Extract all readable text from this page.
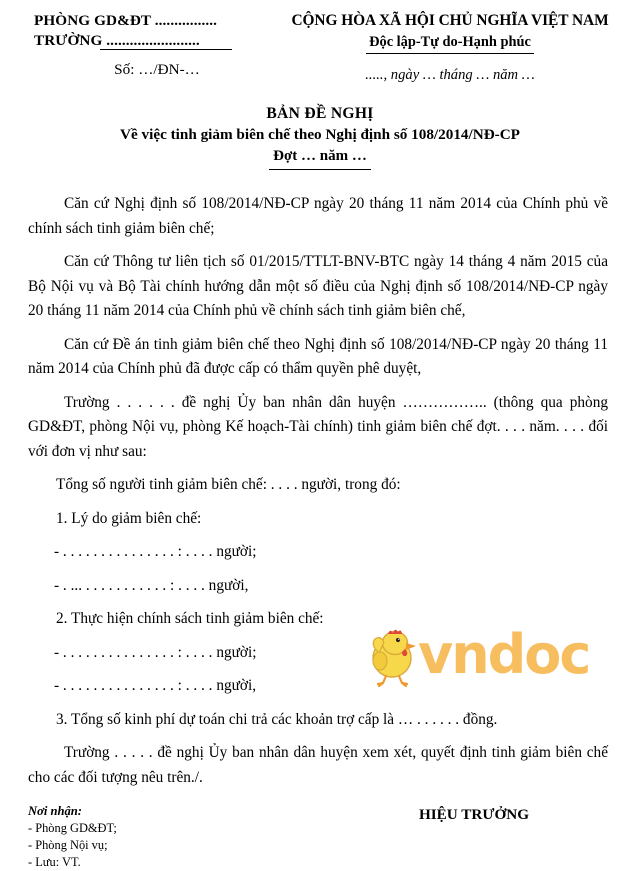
PHÒNG GD&ĐT ................
TRƯỜNG ........................
Số: …/ĐN-…
CỘNG HÒA XÃ HỘI CHỦ NGHĨA VIỆT NAM
Độc lập-Tự do-Hạnh phúc
....., ngày … tháng … năm …
BẢN ĐỀ NGHỊ
Về việc tinh giảm biên chế theo Nghị định số 108/2014/NĐ-CP
Đợt … năm …

Căn cứ Nghị định số 108/2014/NĐ-CP ngày 20 tháng 11 năm 2014 của Chính phủ về chính sách tinh giảm biên chế;

Căn cứ Thông tư liên tịch số 01/2015/TTLT-BNV-BTC ngày 14 tháng 4 năm 2015 của Bộ Nội vụ và Bộ Tài chính hướng dẫn một số điều của Nghị định số 108/2014/NĐ-CP ngày 20 tháng 11 năm 2014 của Chính phủ về chính sách tinh giảm biên chế,

Căn cứ Đề án tinh giảm biên chế theo Nghị định số 108/2014/NĐ-CP ngày 20 tháng 11 năm 2014 của Chính phủ đã được cấp có thẩm quyền phê duyệt,

Trường . . . . . . đề nghị Ủy ban nhân dân huyện …………….. (thông qua phòng GD&ĐT, phòng Nội vụ, phòng Kế hoạch-Tài chính) tinh giảm biên chế đợt. . . . năm. . . . đối với đơn vị như sau:

Tổng số người tinh giảm biên chế: . . . . người, trong đó:

1. Lý do giảm biên chế:

- . . . . . . . . . . . . . . . : . . . . người;

- . ... . . . . . . . . . . . : . . . . người,

2. Thực hiện chính sách tinh giảm biên chế:

- . . . . . . . . . . . . . . . : . . . . người;

- . . . . . . . . . . . . . . . : . . . . người,

3. Tổng số kinh phí dự toán chi trả các khoản trợ cấp là … . . . . . . đồng.

Trường . . . . . đề nghị Ủy ban nhân dân huyện xem xét, quyết định tinh giảm biên chế cho các đối tượng nêu trên./.

Nơi nhận:
- Phòng GD&ĐT;
- Phòng Nội vụ;
- Lưu: VT.
HIỆU TRƯỞNG
vndoc
